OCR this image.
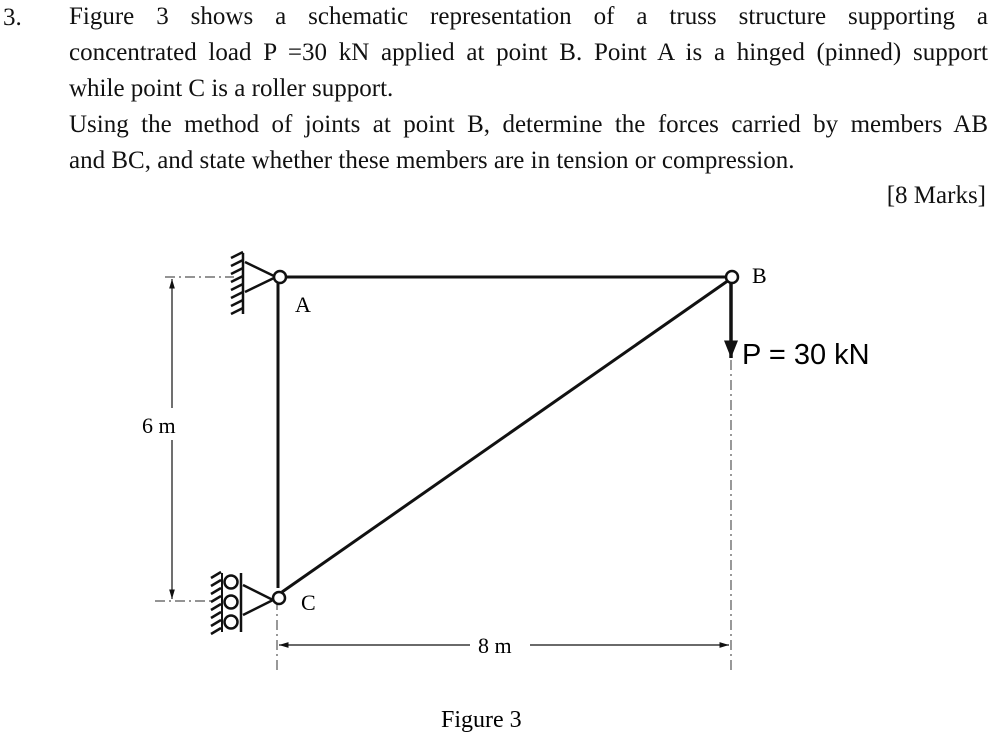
3. Figure 3 shows a schematic representation of a truss structure supporting a
concentrated load P =30 kN applied at point B. Point A is a hinged (pinned) support
while point C is a roller support.
Using the method of joints at point B, determine the forces carried by members AB
and BC, and state whether these members are in tension or compression.
[8 Marks]
A
B
C
P = 30 kN
6 m
8 m
Figure 3
